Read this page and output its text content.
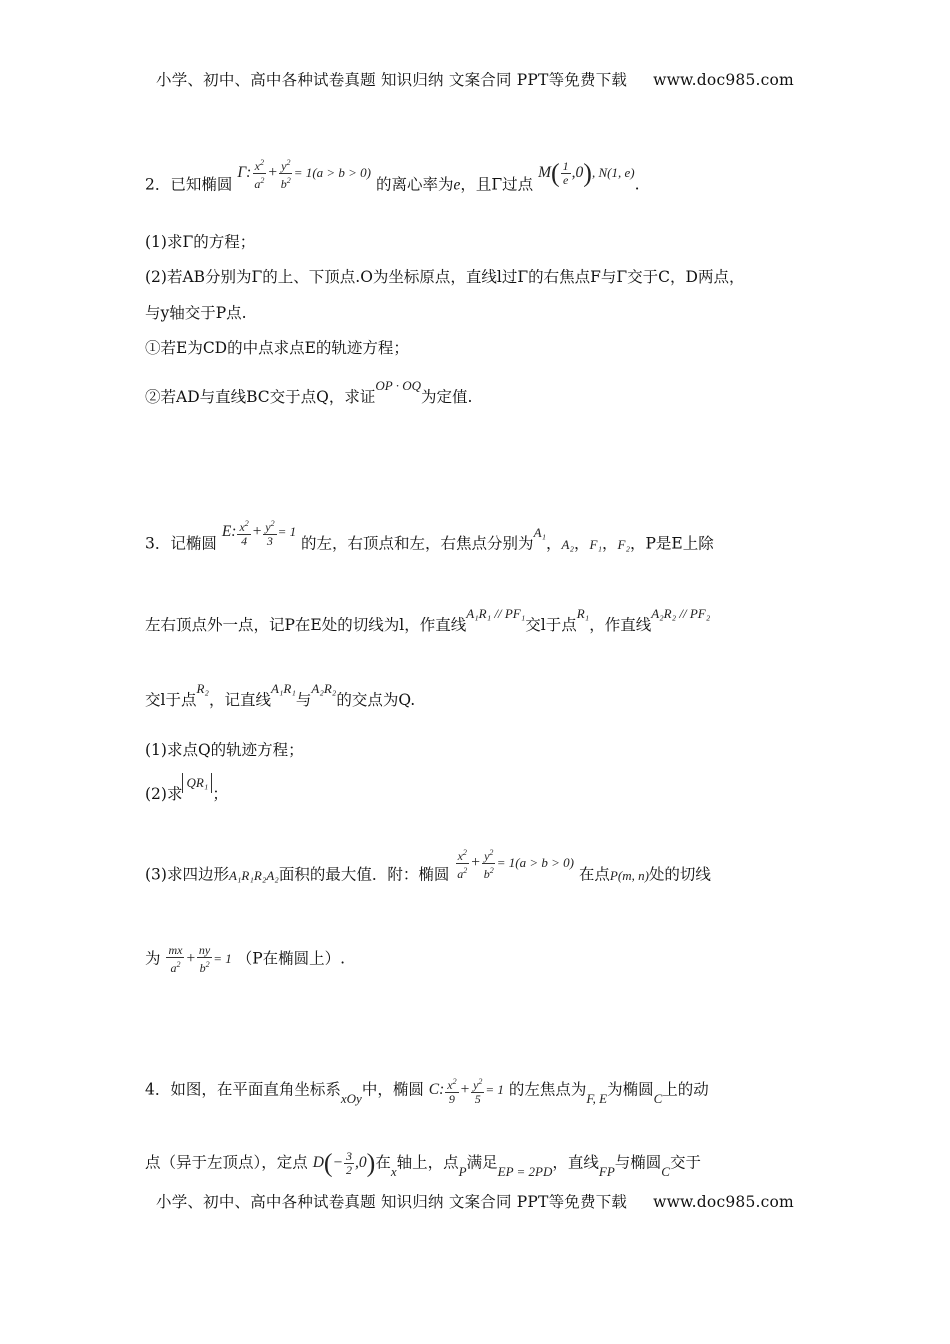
小学、初中、高中各种试卷真题 知识归纳 文案合同 PPT等免费下载 www.doc985.com
2．已知椭圆 Γ: $\frac{x^2}{a^2} + \frac{y^2}{b^2} = 1(a > b > 0)$ 的离心率为e，且Γ过点 $M( \frac{1}{e} ,0)$, N(1, e).
(1)求Γ的方程；
(2)若AB分别为Γ的上、下顶点.O为坐标原点，直线l过Γ的右焦点F与Γ交于C，D两点，
与y轴交于P点.
①若E为CD的中点求点E的轨迹方程；
②若AD与直线BC交于点Q，求证OP · OQ为定值.
3．记椭圆 E: $\frac{x^2}{4} + \frac{y^2}{3} = 1$ 的左，右顶点和左，右焦点分别为A₁，A₂，F₁，F₂，P是E上除
左右顶点外一点，记P在E处的切线为l，作直线A₁R₁ // PF₁交l于点R₁，作直线A₂R₂ // PF₂
交l于点R₂，记直线A₁R₁与A₂R₂的交点为Q.
(1)求点Q的轨迹方程；
(2)求QR₁；
(3)求四边形A₁R₁R₂A₂面积的最大值．附：椭圆 $\frac{x^2}{a^2} + \frac{y^2}{b^2} = 1(a > b > 0)$ 在点P(m, n)处的切线
为 $\frac{mx}{a^2} + \frac{ny}{b^2} = 1$ （P在椭圆上）.
4．如图，在平面直角坐标系xOy中，椭圆 C: $\frac{x^2}{9} + \frac{y^2}{5} = 1$ 的左焦点为F, E为椭圆C上的动
点（异于左顶点），定点 $D(- \frac{3}{2} ,0)$在x轴上，点P满足EP = 2PD，直线FP与椭圆C交于
小学、初中、高中各种试卷真题 知识归纳 文案合同 PPT等免费下载 www.doc985.com
